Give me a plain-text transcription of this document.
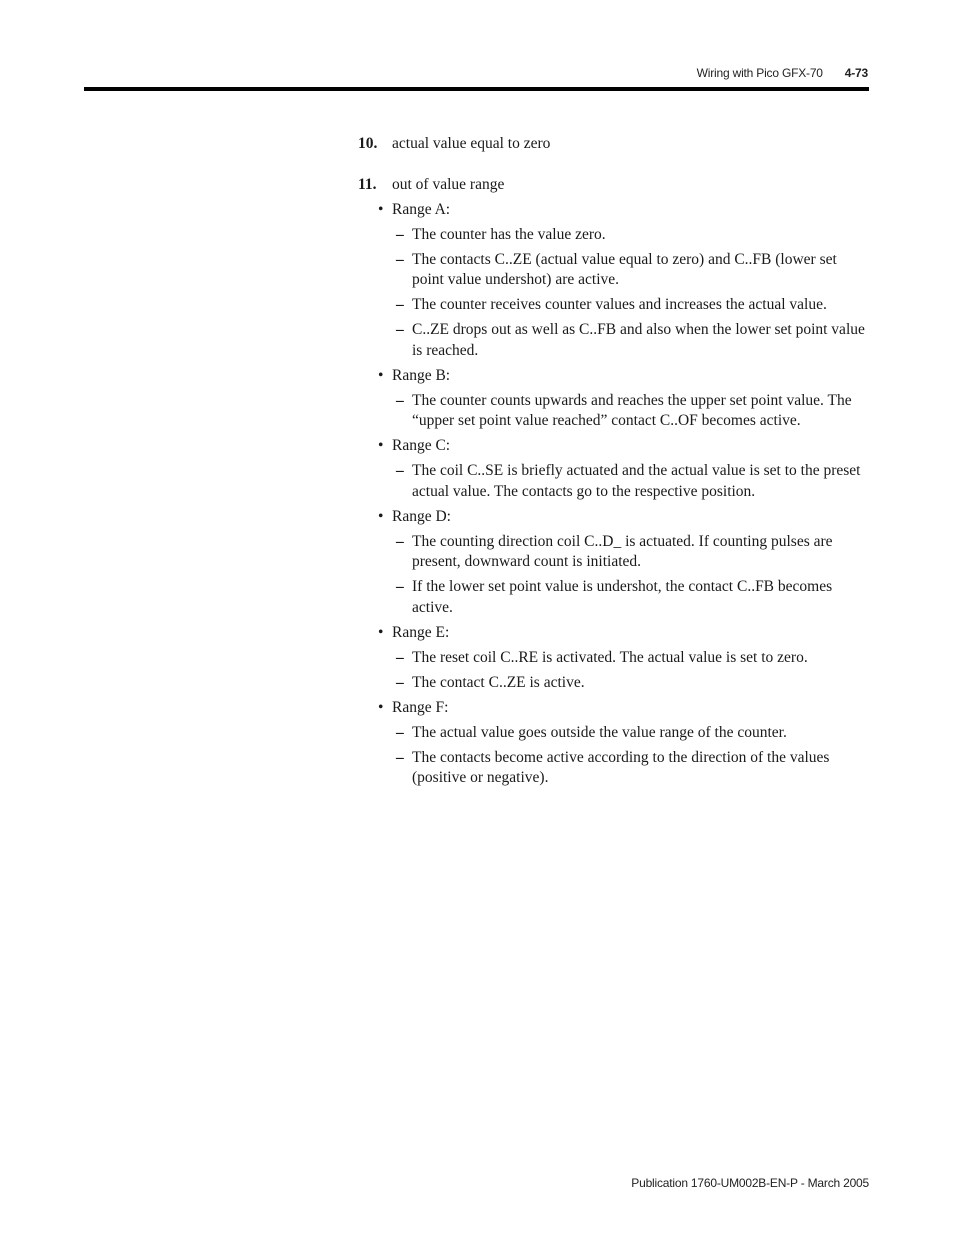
Wiring with Pico GFX-70 4-73
10. actual value equal to zero
11. out of value range
• Range A:
– The counter has the value zero.
– The contacts C..ZE (actual value equal to zero) and C..FB (lower set point value undershot) are active.
– The counter receives counter values and increases the actual value.
– C..ZE drops out as well as C..FB and also when the lower set point value is reached.
• Range B:
– The counter counts upwards and reaches the upper set point value. The “upper set point value reached” contact C..OF becomes active.
• Range C:
– The coil C..SE is briefly actuated and the actual value is set to the preset actual value. The contacts go to the respective position.
• Range D:
– The counting direction coil C..D_ is actuated. If counting pulses are present, downward count is initiated.
– If the lower set point value is undershot, the contact C..FB becomes active.
• Range E:
– The reset coil C..RE is activated. The actual value is set to zero.
– The contact C..ZE is active.
• Range F:
– The actual value goes outside the value range of the counter.
– The contacts become active according to the direction of the values (positive or negative).
Publication 1760-UM002B-EN-P - March 2005
